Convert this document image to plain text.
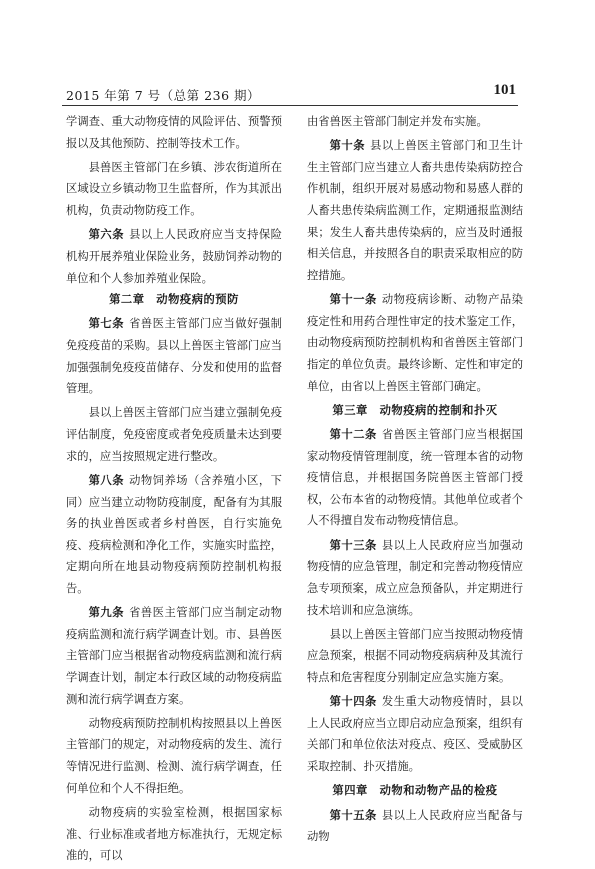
2015 年第 7 号（总第 236 期）	101

学调查、重大动物疫情的风险评估、预警预报以及其他预防、控制等技术工作。

县兽医主管部门在乡镇、涉农街道所在区域设立乡镇动物卫生监督所，作为其派出机构，负责动物防疫工作。

第六条 县以上人民政府应当支持保险机构开展养殖业保险业务，鼓励饲养动物的单位和个人参加养殖业保险。

第二章　动物疫病的预防

第七条 省兽医主管部门应当做好强制免疫疫苗的采购。县以上兽医主管部门应当加强强制免疫疫苗储存、分发和使用的监督管理。

县以上兽医主管部门应当建立强制免疫评估制度，免疫密度或者免疫质量未达到要求的，应当按照规定进行整改。

第八条 动物饲养场（含养殖小区，下同）应当建立动物防疫制度，配备有为其服务的执业兽医或者乡村兽医，自行实施免疫、疫病检测和净化工作，实施实时监控，定期向所在地县动物疫病预防控制机构报告。

第九条 省兽医主管部门应当制定动物疫病监测和流行病学调查计划。市、县兽医主管部门应当根据省动物疫病监测和流行病学调查计划，制定本行政区域的动物疫病监测和流行病学调查方案。

动物疫病预防控制机构按照县以上兽医主管部门的规定，对动物疫病的发生、流行等情况进行监测、检测、流行病学调查，任何单位和个人不得拒绝。

动物疫病的实验室检测，根据国家标准、行业标准或者地方标准执行，无规定标准的，可以

由省兽医主管部门制定并发布实施。

第十条 县以上兽医主管部门和卫生计生主管部门应当建立人畜共患传染病防控合作机制，组织开展对易感动物和易感人群的人畜共患传染病监测工作，定期通报监测结果；发生人畜共患传染病的，应当及时通报相关信息，并按照各自的职责采取相应的防控措施。

第十一条 动物疫病诊断、动物产品染疫定性和用药合理性审定的技术鉴定工作，由动物疫病预防控制机构和省兽医主管部门指定的单位负责。最终诊断、定性和审定的单位，由省以上兽医主管部门确定。

第三章　动物疫病的控制和扑灭

第十二条 省兽医主管部门应当根据国家动物疫情管理制度，统一管理本省的动物疫情信息，并根据国务院兽医主管部门授权，公布本省的动物疫情。其他单位或者个人不得擅自发布动物疫情信息。

第十三条 县以上人民政府应当加强动物疫情的应急管理，制定和完善动物疫情应急专项预案，成立应急预备队，并定期进行技术培训和应急演练。

县以上兽医主管部门应当按照动物疫情应急预案，根据不同动物疫病病种及其流行特点和危害程度分别制定应急实施方案。

第十四条 发生重大动物疫情时，县以上人民政府应当立即启动应急预案，组织有关部门和单位依法对疫点、疫区、受威胁区采取控制、扑灭措施。

第四章　动物和动物产品的检疫

第十五条 县以上人民政府应当配备与动物
